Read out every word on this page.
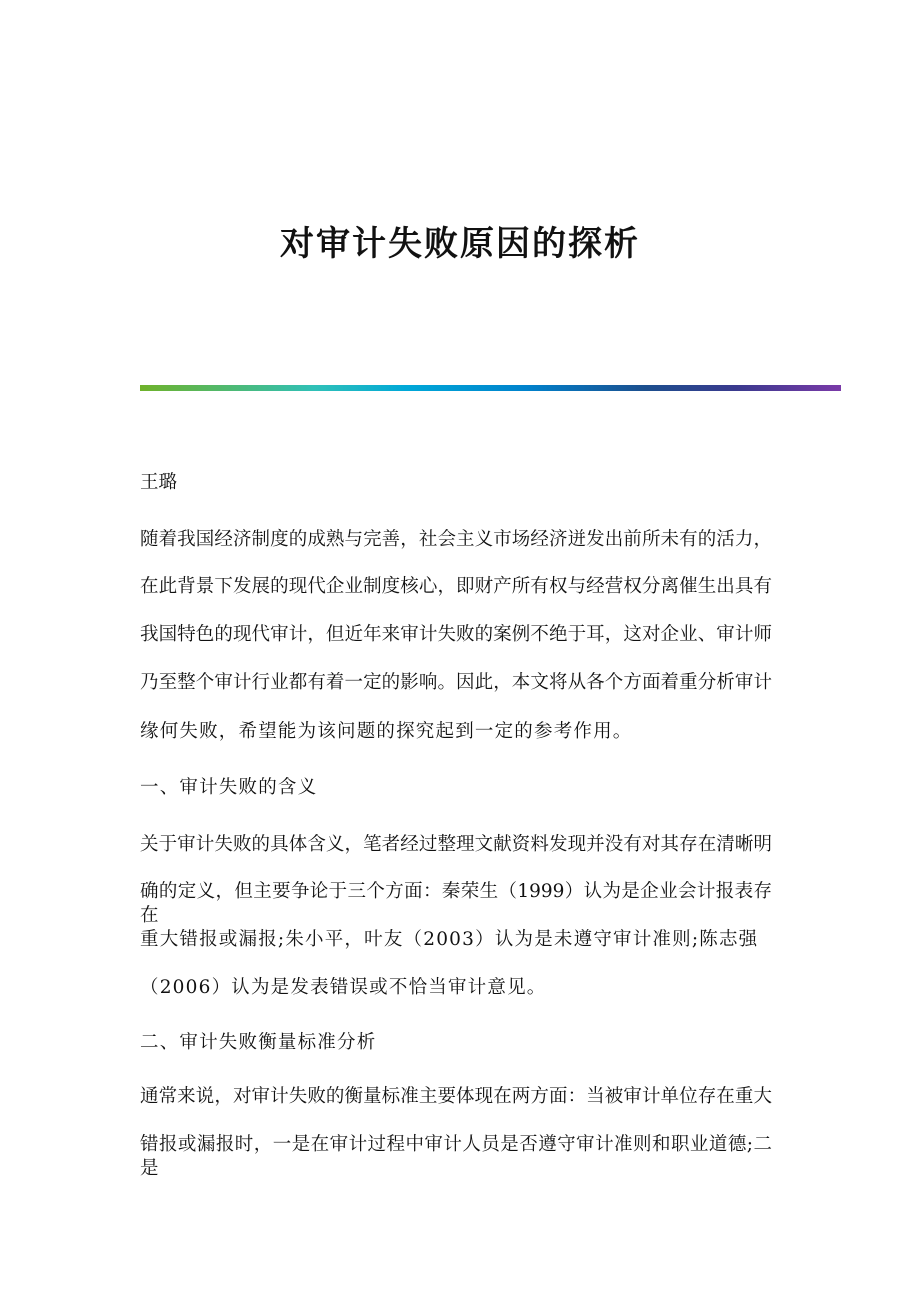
对审计失败原因的探析
王璐
随着我国经济制度的成熟与完善，社会主义市场经济迸发出前所未有的活力，
在此背景下发展的现代企业制度核心，即财产所有权与经营权分离催生出具有
我国特色的现代审计，但近年来审计失败的案例不绝于耳，这对企业、审计师
乃至整个审计行业都有着一定的影响。因此，本文将从各个方面着重分析审计
缘何失败，希望能为该问题的探究起到一定的参考作用。
一、审计失败的含义
关于审计失败的具体含义，笔者经过整理文献资料发现并没有对其存在清晰明
确的定义，但主要争论于三个方面：秦荣生（1999）认为是企业会计报表存在
重大错报或漏报;朱小平，叶友（2003）认为是未遵守审计准则;陈志强
（2006）认为是发表错误或不恰当审计意见。
二、审计失败衡量标准分析
通常来说，对审计失败的衡量标准主要体现在两方面：当被审计单位存在重大
错报或漏报时，一是在审计过程中审计人员是否遵守审计准则和职业道德;二是
